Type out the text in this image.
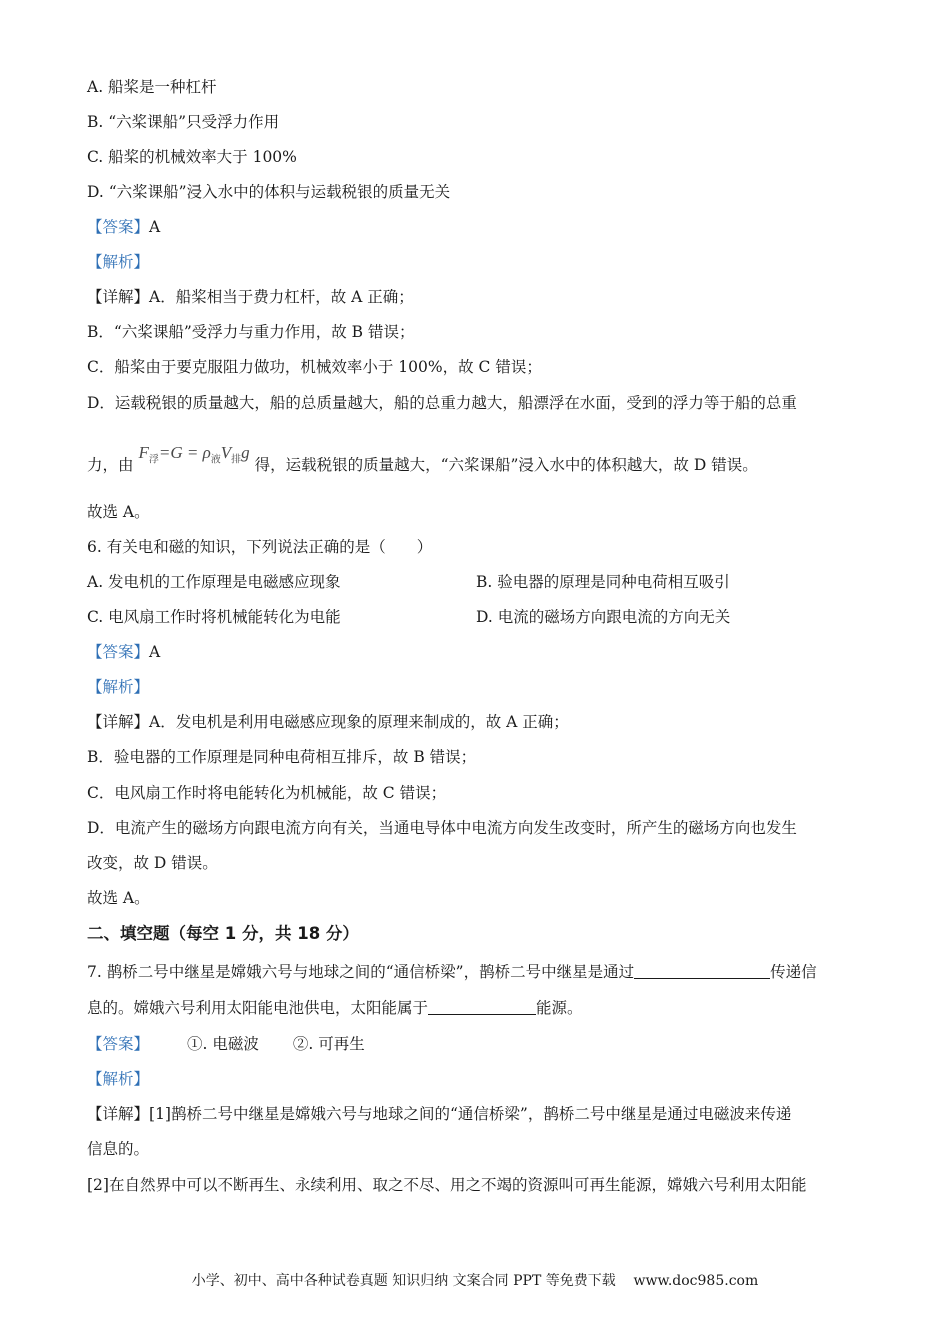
A. 船桨是一种杠杆
B. “六桨课船”只受浮力作用
C. 船桨的机械效率大于 100%
D. “六桨课船”浸入水中的体积与运载税银的质量无关
【答案】A
【解析】
【详解】A．船桨相当于费力杠杆，故 A 正确；
B．“六桨课船”受浮力与重力作用，故 B 错误；
C．船桨由于要克服阻力做功，机械效率小于 100%，故 C 错误；
D．运载税银的质量越大，船的总质量越大，船的总重力越大，船漂浮在水面，受到的浮力等于船的总重
力，由 $F_浮=G = \rho_液V_排g$ 得，运载税银的质量越大，“六桨课船”浸入水中的体积越大，故 D 错误。
故选 A。
6. 有关电和磁的知识，下列说法正确的是（　　）
A. 发电机的工作原理是电磁感应现象	B. 验电器的原理是同种电荷相互吸引
C. 电风扇工作时将机械能转化为电能	D. 电流的磁场方向跟电流的方向无关
【答案】A
【解析】
【详解】A．发电机是利用电磁感应现象的原理来制成的，故 A 正确；
B．验电器的工作原理是同种电荷相互排斥，故 B 错误；
C．电风扇工作时将电能转化为机械能，故 C 错误；
D．电流产生的磁场方向跟电流方向有关，当通电导体中电流方向发生改变时，所产生的磁场方向也发生
改变，故 D 错误。
故选 A。
二、填空题（每空 1 分，共 18 分）
7. 鹊桥二号中继星是嫦娥六号与地球之间的“通信桥梁”，鹊桥二号中继星是通过	传递信
息的。嫦娥六号利用太阳能电池供电，太阳能属于	能源。
【答案】 ①. 电磁波 ②. 可再生
【解析】
【详解】[1]鹊桥二号中继星是嫦娥六号与地球之间的“通信桥梁”，鹊桥二号中继星是通过电磁波来传递
信息的。
[2]在自然界中可以不断再生、永续利用、取之不尽、用之不竭的资源叫可再生能源，嫦娥六号利用太阳能
小学、初中、高中各种试卷真题 知识归纳 文案合同 PPT 等免费下载 www.doc985.com
